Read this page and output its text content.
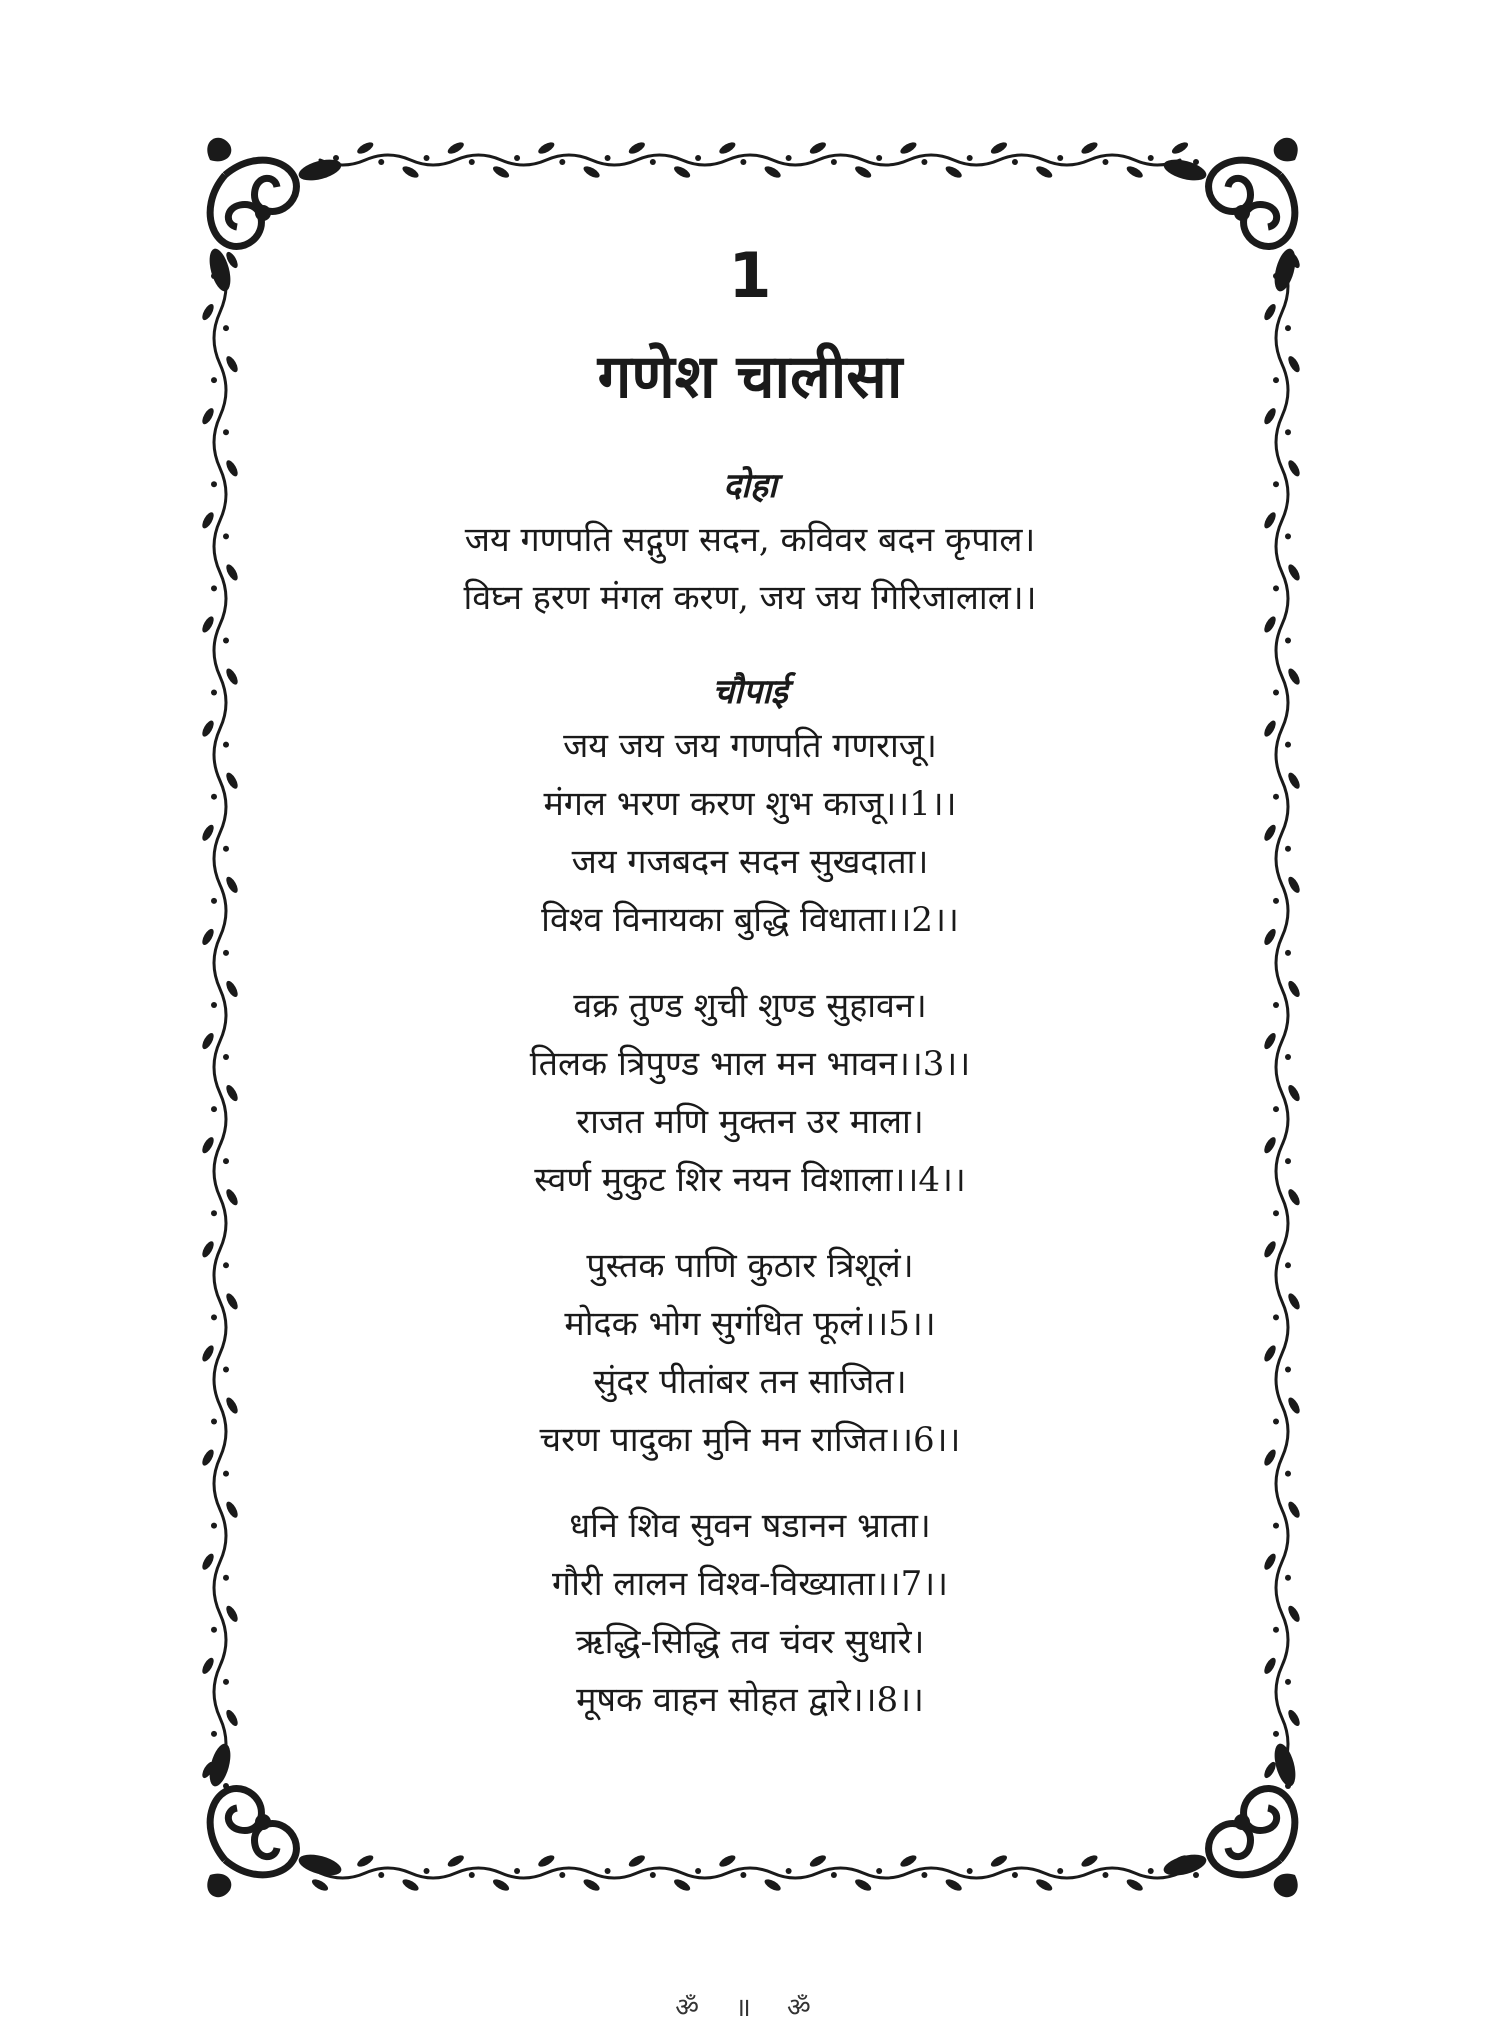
1

गणेश चालीसा
दोहा

जय गणपति सद्गुण सदन, कविवर बदन कृपाल।

विघ्न हरण मंगल करण, जय जय गिरिजालाल।।

चौपाई

जय जय जय गणपति गणराजू।

मंगल भरण करण शुभ काजू।।1।।

जय गजबदन सदन सुखदाता।

विश्व विनायका बुद्धि विधाता।।2।।

वक्र तुण्ड शुची शुण्ड सुहावन।

तिलक त्रिपुण्ड भाल मन भावन।।3।।

राजत मणि मुक्तन उर माला।

स्वर्ण मुकुट शिर नयन विशाला।।4।।

पुस्तक पाणि कुठार त्रिशूलं।

मोदक भोग सुगंधित फूलं।।5।।

सुंदर पीतांबर तन साजित।

चरण पादुका मुनि मन राजित।।6।।

धनि शिव सुवन षडानन भ्राता।

गौरी लालन विश्व-विख्याता।।7।।

ऋद्धि-सिद्धि तव चंवर सुधारे।

मूषक वाहन सोहत द्वारे।।8।।

ॐ ॥ ॐ
